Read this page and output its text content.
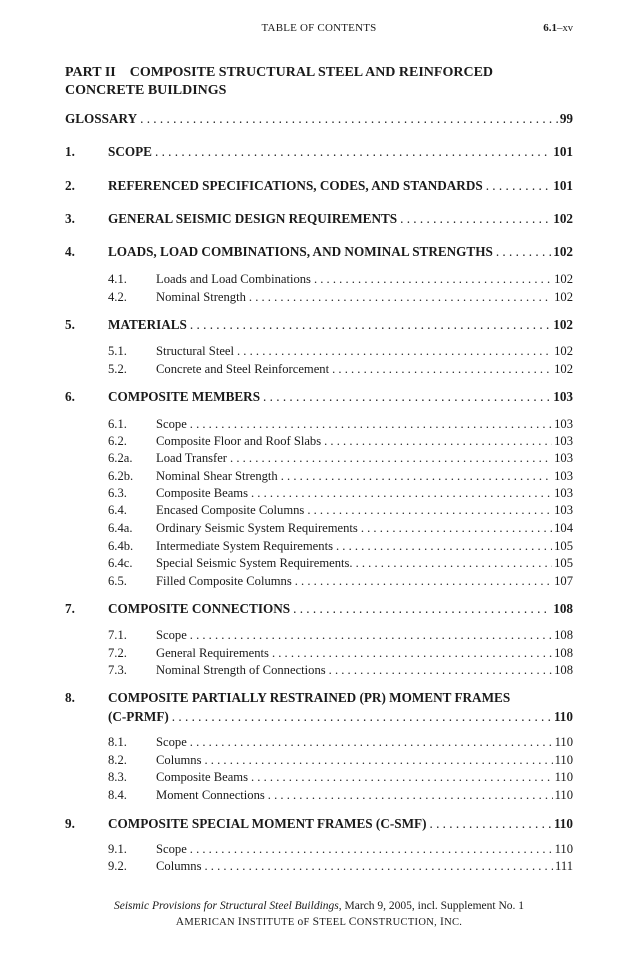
TABLE OF CONTENTS	6.1–xv
PART II COMPOSITE STRUCTURAL STEEL AND REINFORCED
CONCRETE BUILDINGS
GLOSSARY . . .	99
1.	SCOPE . . .	101
2.	REFERENCED SPECIFICATIONS, CODES, AND STANDARDS . . .	101
3.	GENERAL SEISMIC DESIGN REQUIREMENTS . . .	102
4.	LOADS, LOAD COMBINATIONS, AND NOMINAL STRENGTHS . . .	102
4.1. Loads and Load Combinations . . .	102
4.2. Nominal Strength . . .	102
5.	MATERIALS . . .	102
5.1. Structural Steel . . .	102
5.2. Concrete and Steel Reinforcement . . .	102
6.	COMPOSITE MEMBERS . . .	103
6.1. Scope . . .	103
6.2. Composite Floor and Roof Slabs . . .	103
6.2a. Load Transfer . . .	103
6.2b. Nominal Shear Strength . . .	103
6.3. Composite Beams . . .	103
6.4. Encased Composite Columns . . .	103
6.4a. Ordinary Seismic System Requirements . . .	104
6.4b. Intermediate System Requirements . . .	105
6.4c. Special Seismic System Requirements. . . .	105
6.5. Filled Composite Columns . . .	107
7.	COMPOSITE CONNECTIONS . . .	108
7.1. Scope . . .	108
7.2. General Requirements . . .	108
7.3. Nominal Strength of Connections . . .	108
8.	COMPOSITE PARTIALLY RESTRAINED (PR) MOMENT FRAMES
(C-PRMF) . . .	110
8.1. Scope . . .	110
8.2. Columns . . .	110
8.3. Composite Beams . . .	110
8.4. Moment Connections . . .	110
9.	COMPOSITE SPECIAL MOMENT FRAMES (C-SMF) . . .	110
9.1. Scope . . .	110
9.2. Columns . . .	111
Seismic Provisions for Structural Steel Buildings, March 9, 2005, incl. Supplement No. 1
AMERICAN INSTITUTE oF STEEL CONSTRUCTION, INC.
